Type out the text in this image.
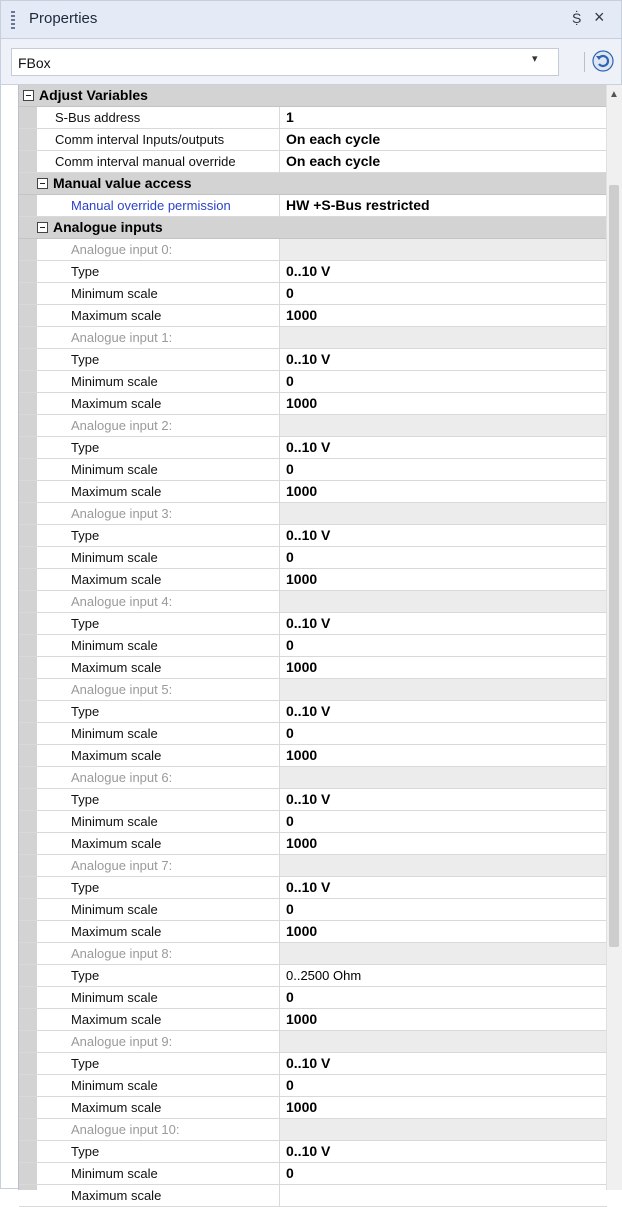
Properties	Ṩ ×
FBox	▾
Adjust Variables
S-Bus address	1
Comm interval Inputs/outputs	On each cycle
Comm interval manual override	On each cycle
Manual value access
Manual override permission	HW +S-Bus restricted
Analogue inputs
Analogue input 0:
Type	0..10 V
Minimum scale	0
Maximum scale	1000
Analogue input 1:
Type	0..10 V
Minimum scale	0
Maximum scale	1000
Analogue input 2:
Type	0..10 V
Minimum scale	0
Maximum scale	1000
Analogue input 3:
Type	0..10 V
Minimum scale	0
Maximum scale	1000
Analogue input 4:
Type	0..10 V
Minimum scale	0
Maximum scale	1000
Analogue input 5:
Type	0..10 V
Minimum scale	0
Maximum scale	1000
Analogue input 6:
Type	0..10 V
Minimum scale	0
Maximum scale	1000
Analogue input 7:
Type	0..10 V
Minimum scale	0
Maximum scale	1000
Analogue input 8:
Type	0..2500 Ohm
Minimum scale	0
Maximum scale	1000
Analogue input 9:
Type	0..10 V
Minimum scale	0
Maximum scale	1000
Analogue input 10:
Type	0..10 V
Minimum scale	0
Maximum scale
▲
